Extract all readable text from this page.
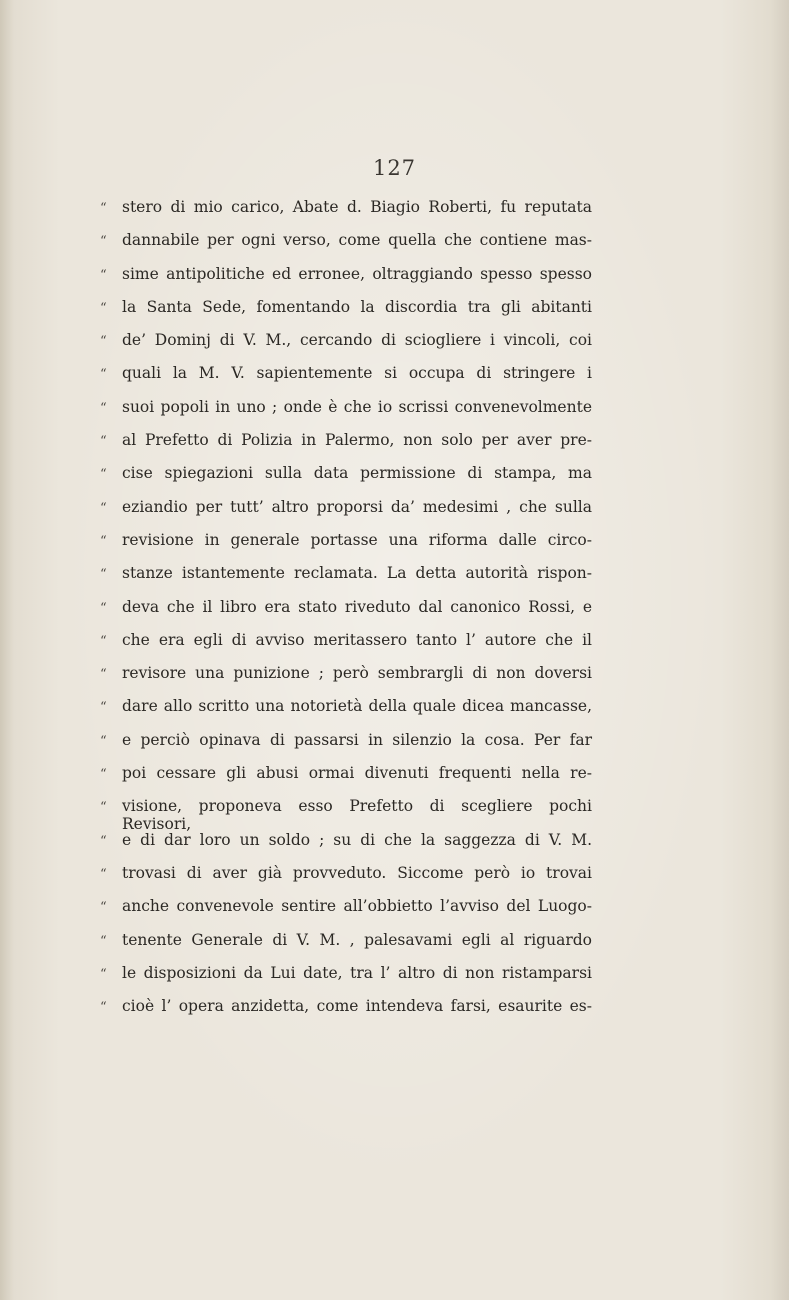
127
“ stero di mio carico, Abate d. Biagio Roberti, fu reputata
“ dannabile per ogni verso, come quella che contiene mas-
“ sime antipolitiche ed erronee, oltraggiando spesso spesso
“ la Santa Sede, fomentando la discordia tra gli abitanti
“ de’ Dominj di V. M., cercando di sciogliere i vincoli, coi
“ quali la M. V. sapientemente si occupa di stringere i
“ suoi popoli in uno ; onde è che io scrissi convenevolmente
“ al Prefetto di Polizia in Palermo, non solo per aver pre-
“ cise spiegazioni sulla data permissione di stampa, ma
“ eziandio per tutt’ altro proporsi da’ medesimi , che sulla
“ revisione in generale portasse una riforma dalle circo-
“ stanze istantemente reclamata. La detta autorità rispon-
“ deva che il libro era stato riveduto dal canonico Rossi, e
“ che era egli di avviso meritassero tanto l’ autore che il
“ revisore una punizione ; però sembrargli di non doversi
“ dare allo scritto una notorietà della quale dicea mancasse,
“ e perciò opinava di passarsi in silenzio la cosa. Per far
“ poi cessare gli abusi ormai divenuti frequenti nella re-
“ visione, proponeva esso Prefetto di scegliere pochi Revisori,
“ e di dar loro un soldo ; su di che la saggezza di V. M.
“ trovasi di aver già provveduto. Siccome però io trovai
“ anche convenevole sentire all’obbietto l’avviso del Luogo-
“ tenente Generale di V. M. , palesavami egli al riguardo
“ le disposizioni da Lui date, tra l’ altro di non ristamparsi
“ cioè l’ opera anzidetta, come intendeva farsi, esaurite es-
